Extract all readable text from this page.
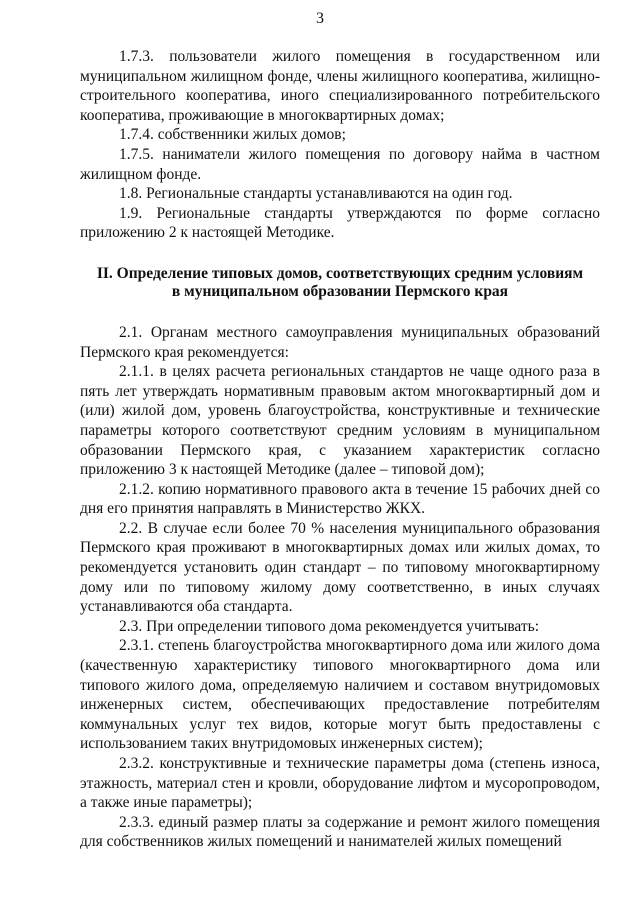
3

1.7.3. пользователи жилого помещения в государственном или муниципальном жилищном фонде, члены жилищного кооператива, жилищно-строительного кооператива, иного специализированного потребительского кооператива, проживающие в многоквартирных домах;

1.7.4. собственники жилых домов;

1.7.5. наниматели жилого помещения по договору найма в частном жилищном фонде.

1.8. Региональные стандарты устанавливаются на один год.

1.9. Региональные стандарты утверждаются по форме согласно приложению 2 к настоящей Методике.

II. Определение типовых домов, соответствующих средним условиям
в муниципальном образовании Пермского края

2.1. Органам местного самоуправления муниципальных образований Пермского края рекомендуется:

2.1.1. в целях расчета региональных стандартов не чаще одного раза в пять лет утверждать нормативным правовым актом многоквартирный дом и (или) жилой дом, уровень благоустройства, конструктивные и технические параметры которого соответствуют средним условиям в муниципальном образовании Пермского края, с указанием характеристик согласно приложению 3 к настоящей Методике (далее – типовой дом);

2.1.2. копию нормативного правового акта в течение 15 рабочих дней со дня его принятия направлять в Министерство ЖКХ.

2.2. В случае если более 70 % населения муниципального образования Пермского края проживают в многоквартирных домах или жилых домах, то рекомендуется установить один стандарт – по типовому многоквартирному дому или по типовому жилому дому соответственно, в иных случаях устанавливаются оба стандарта.

2.3. При определении типового дома рекомендуется учитывать:

2.3.1. степень благоустройства многоквартирного дома или жилого дома (качественную характеристику типового многоквартирного дома или типового жилого дома, определяемую наличием и составом внутридомовых инженерных систем, обеспечивающих предоставление потребителям коммунальных услуг тех видов, которые могут быть предоставлены с использованием таких внутридомовых инженерных систем);

2.3.2. конструктивные и технические параметры дома (степень износа, этажность, материал стен и кровли, оборудование лифтом и мусоропроводом, а также иные параметры);

2.3.3. единый размер платы за содержание и ремонт жилого помещения для собственников жилых помещений и нанимателей жилых помещений
